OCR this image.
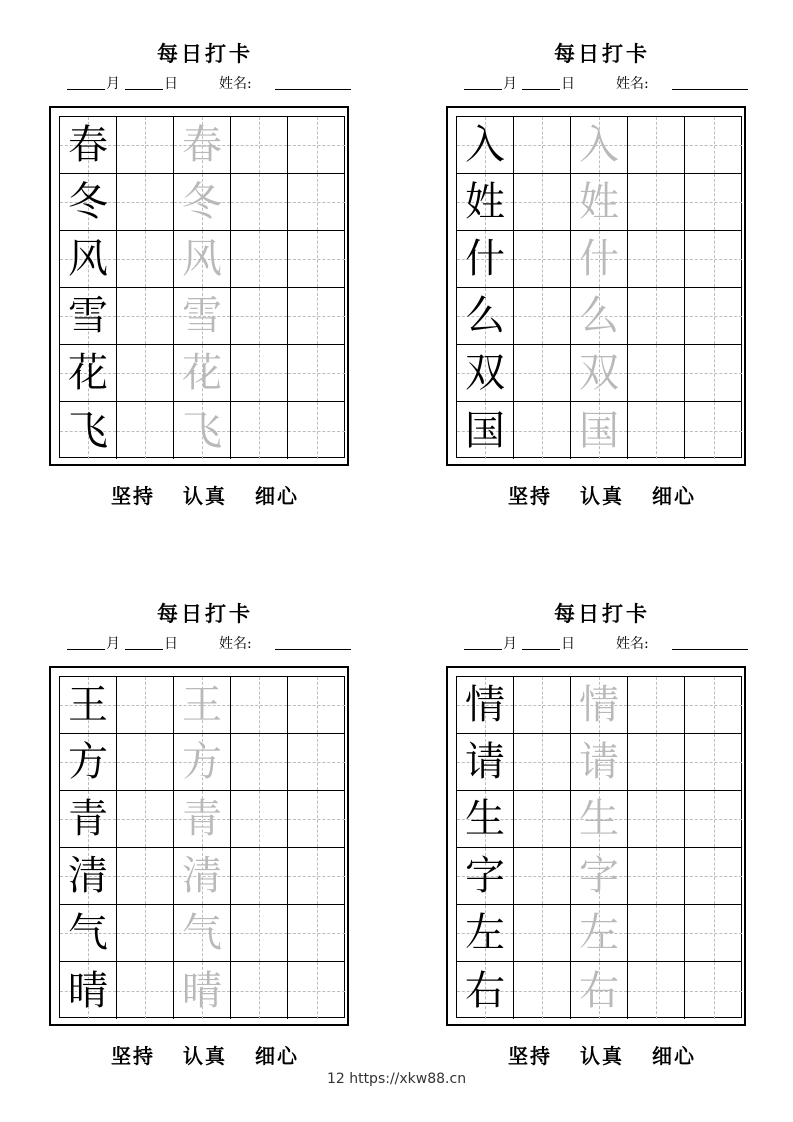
每日打卡
月	日	姓名:
春 春
冬 冬
风 风
雪 雪
花 花
飞 飞
坚持 认真 细心
每日打卡
月	日	姓名:
入 入
姓 姓
什 什
么 么
双 双
国 国
坚持 认真 细心
每日打卡
月	日	姓名:
王 王
方 方
青 青
清 清
气 气
晴 晴
坚持 认真 细心
每日打卡
月	日	姓名:
情 情
请 请
生 生
字 字
左 左
右 右
坚持 认真 细心
12 https://xkw88.cn
